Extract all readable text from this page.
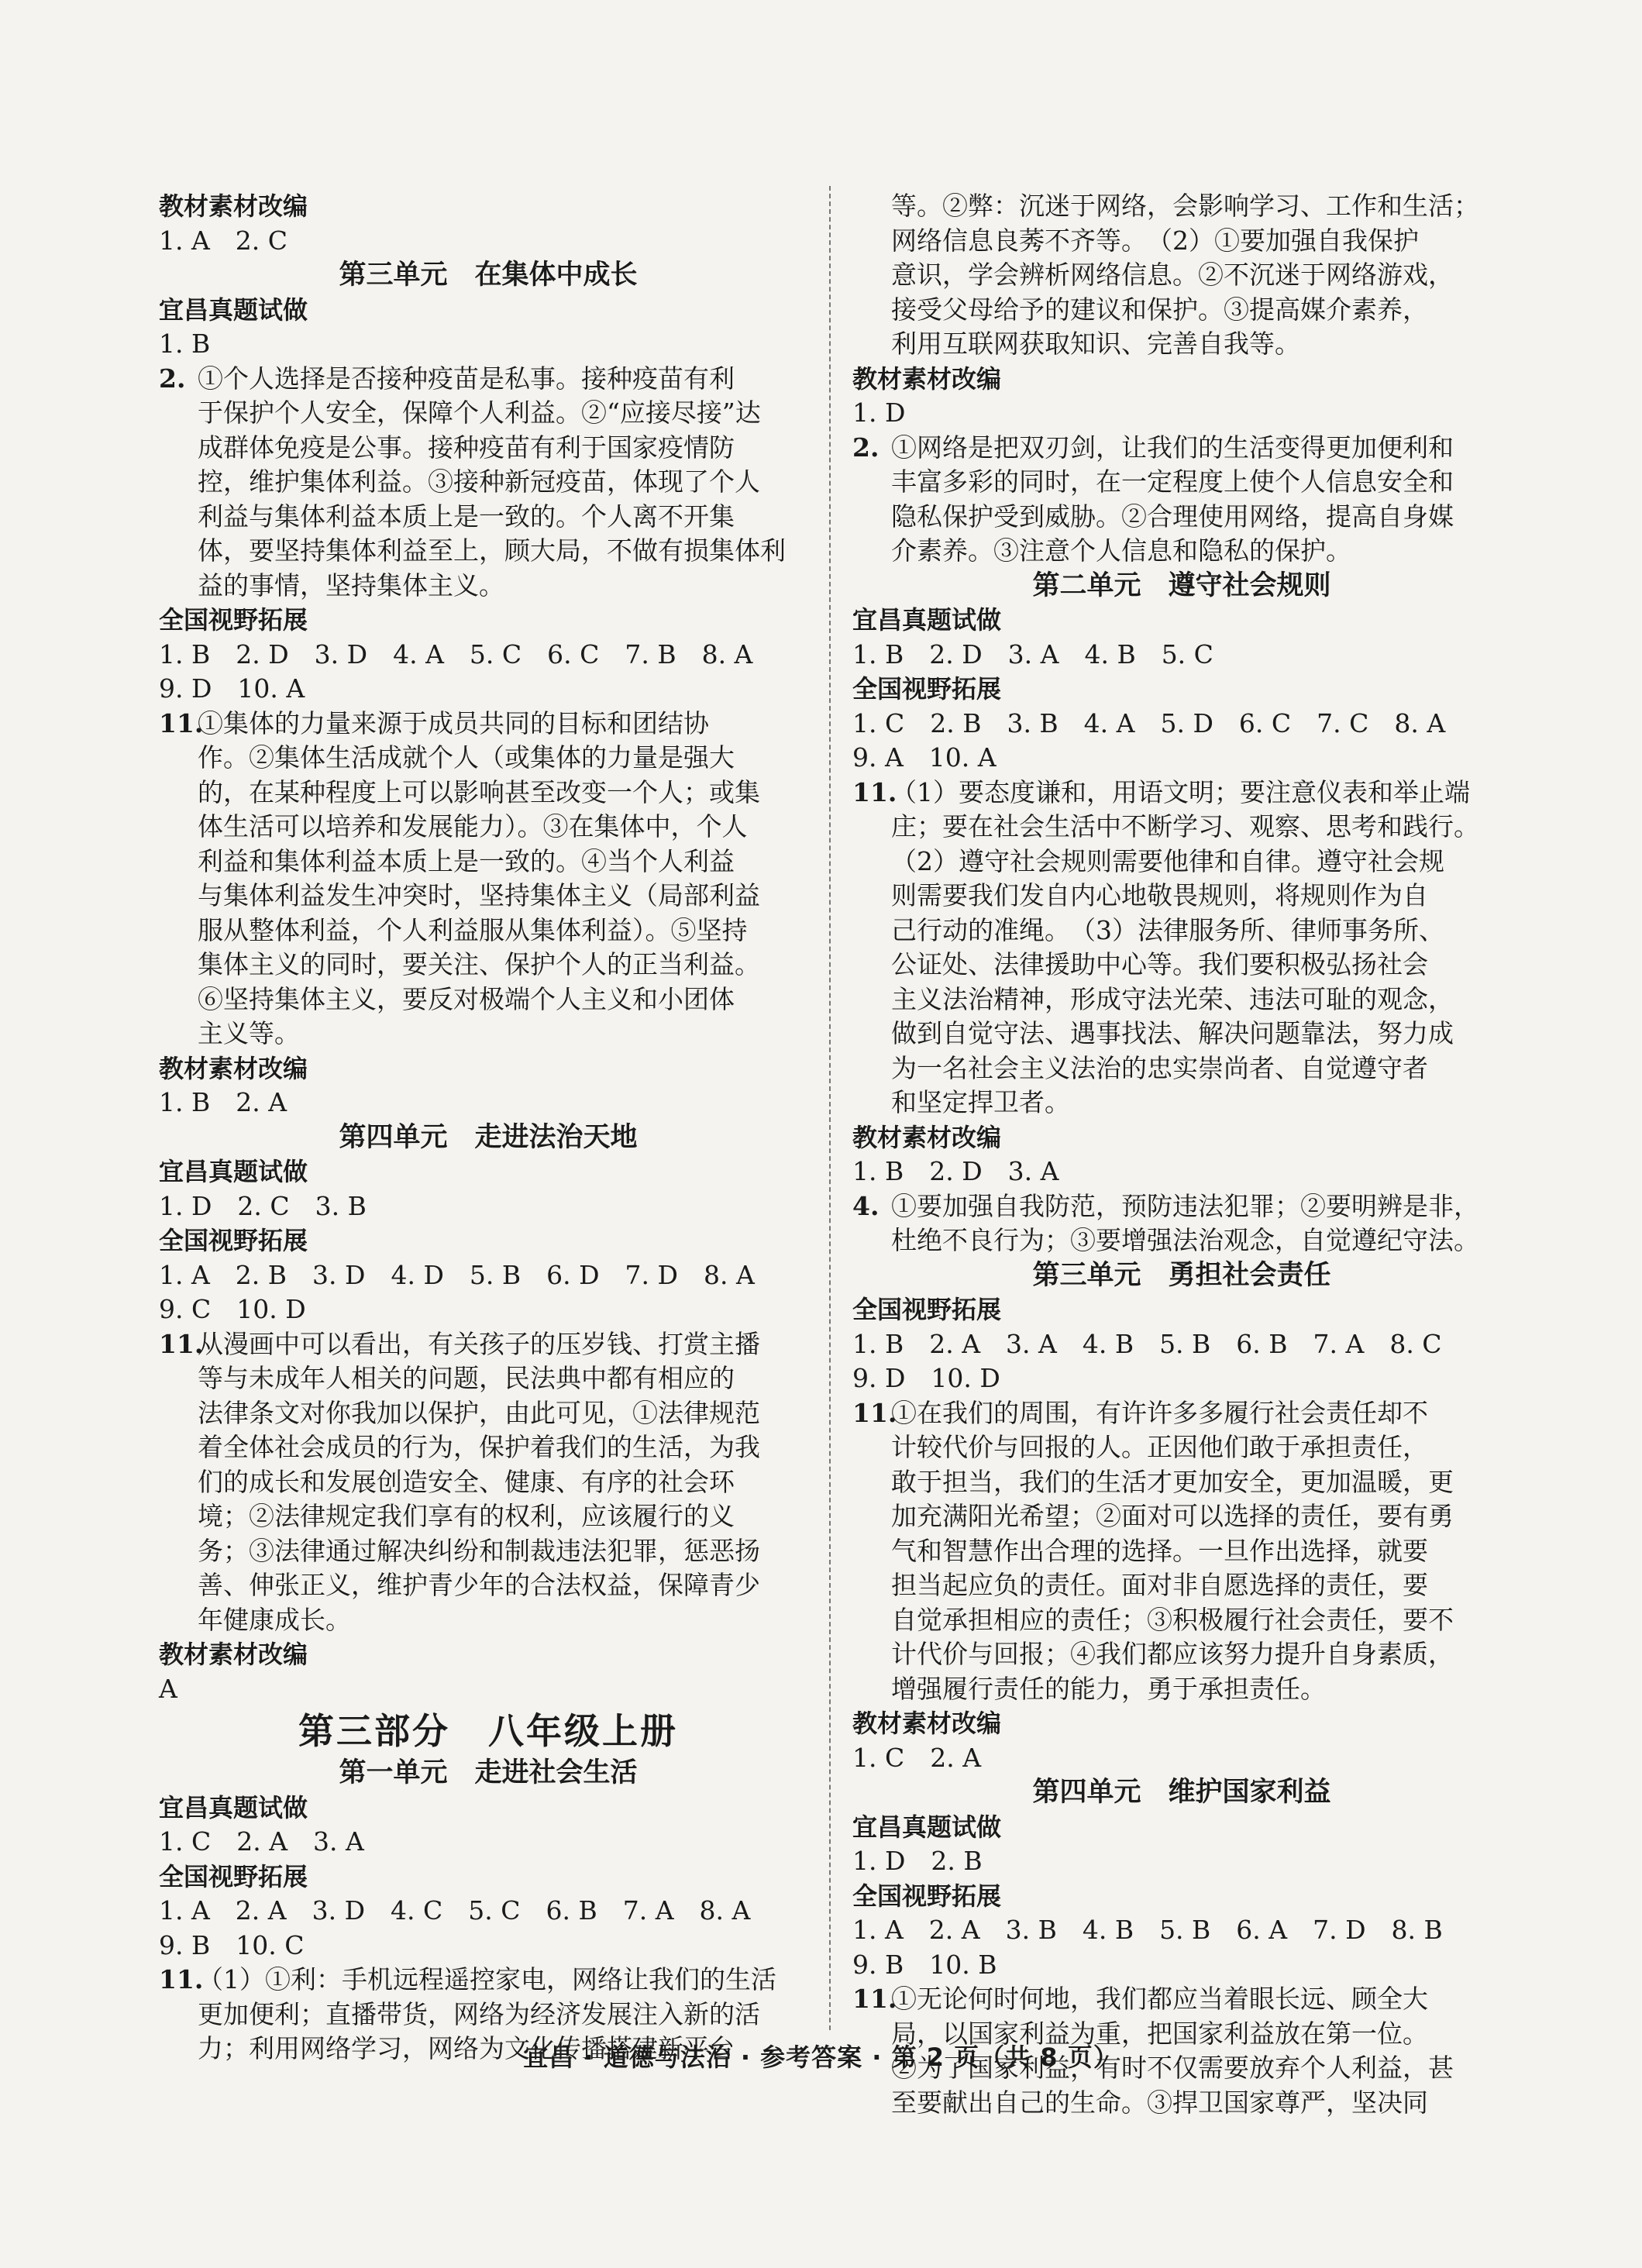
教材素材改编
1. A　2. C
第三单元　在集体中成长
宜昌真题试做
1. B
2. ①个人选择是否接种疫苗是私事。接种疫苗有利
于保护个人安全，保障个人利益。②“应接尽接”达
成群体免疫是公事。接种疫苗有利于国家疫情防
控，维护集体利益。③接种新冠疫苗，体现了个人
利益与集体利益本质上是一致的。个人离不开集
体，要坚持集体利益至上，顾大局，不做有损集体利
益的事情，坚持集体主义。
全国视野拓展
1. B　2. D　3. D　4. A　5. C　6. C　7. B　8. A
9. D　10. A
11.①集体的力量来源于成员共同的目标和团结协
作。②集体生活成就个人（或集体的力量是强大
的，在某种程度上可以影响甚至改变一个人；或集
体生活可以培养和发展能力）。③在集体中，个人
利益和集体利益本质上是一致的。④当个人利益
与集体利益发生冲突时，坚持集体主义（局部利益
服从整体利益，个人利益服从集体利益）。⑤坚持
集体主义的同时，要关注、保护个人的正当利益。
⑥坚持集体主义，要反对极端个人主义和小团体
主义等。
教材素材改编
1. B　2. A
第四单元　走进法治天地
宜昌真题试做
1. D　2. C　3. B
全国视野拓展
1. A　2. B　3. D　4. D　5. B　6. D　7. D　8. A
9. C　10. D
11.从漫画中可以看出，有关孩子的压岁钱、打赏主播
等与未成年人相关的问题，民法典中都有相应的
法律条文对你我加以保护，由此可见，①法律规范
着全体社会成员的行为，保护着我们的生活，为我
们的成长和发展创造安全、健康、有序的社会环
境；②法律规定我们享有的权利，应该履行的义
务；③法律通过解决纠纷和制裁违法犯罪，惩恶扬
善、伸张正义，维护青少年的合法权益，保障青少
年健康成长。
教材素材改编
A
第三部分　八年级上册
第一单元　走进社会生活
宜昌真题试做
1. C　2. A　3. A
全国视野拓展
1. A　2. A　3. D　4. C　5. C　6. B　7. A　8. A
9. B　10. C
11.（1）①利：手机远程遥控家电，网络让我们的生活
更加便利；直播带货，网络为经济发展注入新的活
力；利用网络学习，网络为文化传播搭建新平台
等。②弊：沉迷于网络，会影响学习、工作和生活；
网络信息良莠不齐等。　（2）①要加强自我保护
意识，学会辨析网络信息。②不沉迷于网络游戏，
接受父母给予的建议和保护。③提高媒介素养，
利用互联网获取知识、完善自我等。
教材素材改编
1. D
2. ①网络是把双刃剑，让我们的生活变得更加便利和
丰富多彩的同时，在一定程度上使个人信息安全和
隐私保护受到威胁。②合理使用网络，提高自身媒
介素养。③注意个人信息和隐私的保护。
第二单元　遵守社会规则
宜昌真题试做
1. B　2. D　3. A　4. B　5. C
全国视野拓展
1. C　2. B　3. B　4. A　5. D　6. C　7. C　8. A
9. A　10. A
11.（1）要态度谦和，用语文明；要注意仪表和举止端
庄；要在社会生活中不断学习、观察、思考和践行。
（2）遵守社会规则需要他律和自律。遵守社会规
则需要我们发自内心地敬畏规则，将规则作为自
己行动的准绳。　（3）法律服务所、律师事务所、
公证处、法律援助中心等。我们要积极弘扬社会
主义法治精神，形成守法光荣、违法可耻的观念，
做到自觉守法、遇事找法、解决问题靠法，努力成
为一名社会主义法治的忠实崇尚者、自觉遵守者
和坚定捍卫者。
教材素材改编
1. B　2. D　3. A
4. ①要加强自我防范，预防违法犯罪；②要明辨是非，
杜绝不良行为；③要增强法治观念，自觉遵纪守法。
第三单元　勇担社会责任
全国视野拓展
1. B　2. A　3. A　4. B　5. B　6. B　7. A　8. C
9. D　10. D
11.①在我们的周围，有许许多多履行社会责任却不
计较代价与回报的人。正因他们敢于承担责任，
敢于担当，我们的生活才更加安全，更加温暖，更
加充满阳光希望；②面对可以选择的责任，要有勇
气和智慧作出合理的选择。一旦作出选择，就要
担当起应负的责任。面对非自愿选择的责任，要
自觉承担相应的责任；③积极履行社会责任，要不
计代价与回报；④我们都应该努力提升自身素质，
增强履行责任的能力，勇于承担责任。
教材素材改编
1. C　2. A
第四单元　维护国家利益
宜昌真题试做
1. D　2. B
全国视野拓展
1. A　2. A　3. B　4. B　5. B　6. A　7. D　8. B
9. B　10. B
11.①无论何时何地，我们都应当着眼长远、顾全大
局，以国家利益为重，把国家利益放在第一位。
②为了国家利益，有时不仅需要放弃个人利益，甚
至要献出自己的生命。③捍卫国家尊严，坚决同
宜昌 · 道德与法治 · 参考答案 · 第 2 页（共 8 页）
